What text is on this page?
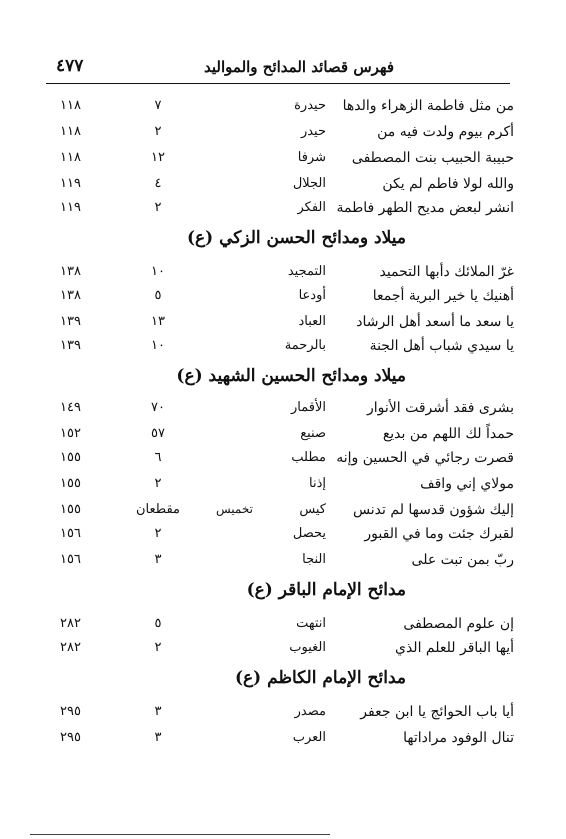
فهرس قصائد المدائح والمواليد
٤٧٧
من مثل فاطمة الزهراء والدها
حيدرة
٧
١١٨
أكرم بيوم ولدت فيه من
حيدر
٢
١١٨
حبيبة الحبيب بنت المصطفى
شرفا
١٢
١١٨
والله لولا فاطم لم يكن
الجلال
٤
١١٩
انشر لبعض مديح الطهر فاطمة
الفكر
٢
١١٩
ميلاد ومدائح الحسن الزكي (ع)
غرّ الملائك دأبها التحميد
التمجيد
١٠
١٣٨
أهنيك يا خير البرية أجمعا
أودعا
٥
١٣٨
يا سعد ما أسعد أهل الرشاد
العباد
١٣
١٣٩
يا سيدي شباب أهل الجنة
بالرحمة
١٠
١٣٩
ميلاد ومدائح الحسين الشهيد (ع)
بشرى فقد أشرقت الأنوار
الأقمار
٧٠
١٤٩
حمداً لك اللهم من بديع
صنيع
٥٧
١٥٢
قصرت رجائي في الحسين وإنه
مطلب
٦
١٥٥
مولاي إني واقف
إذنا
٢
١٥٥
إليك شؤون قدسها لم تدنس
كيس
تخميس
مقطعان
١٥٥
لقبرك جئت وما في القبور
يحصل
٢
١٥٦
ربّ بمن تبت على
النجا
٣
١٥٦
مدائح الإمام الباقر (ع)
إن علوم المصطفى
انتهت
٥
٢٨٢
أيها الباقر للعلم الذي
الغيوب
٢
٢٨٢
مدائح الإمام الكاظم (ع)
أيا باب الحوائج يا ابن جعفر
مصدر
٣
٢٩٥
تنال الوفود مراداتها
العرب
٣
٢٩٥
